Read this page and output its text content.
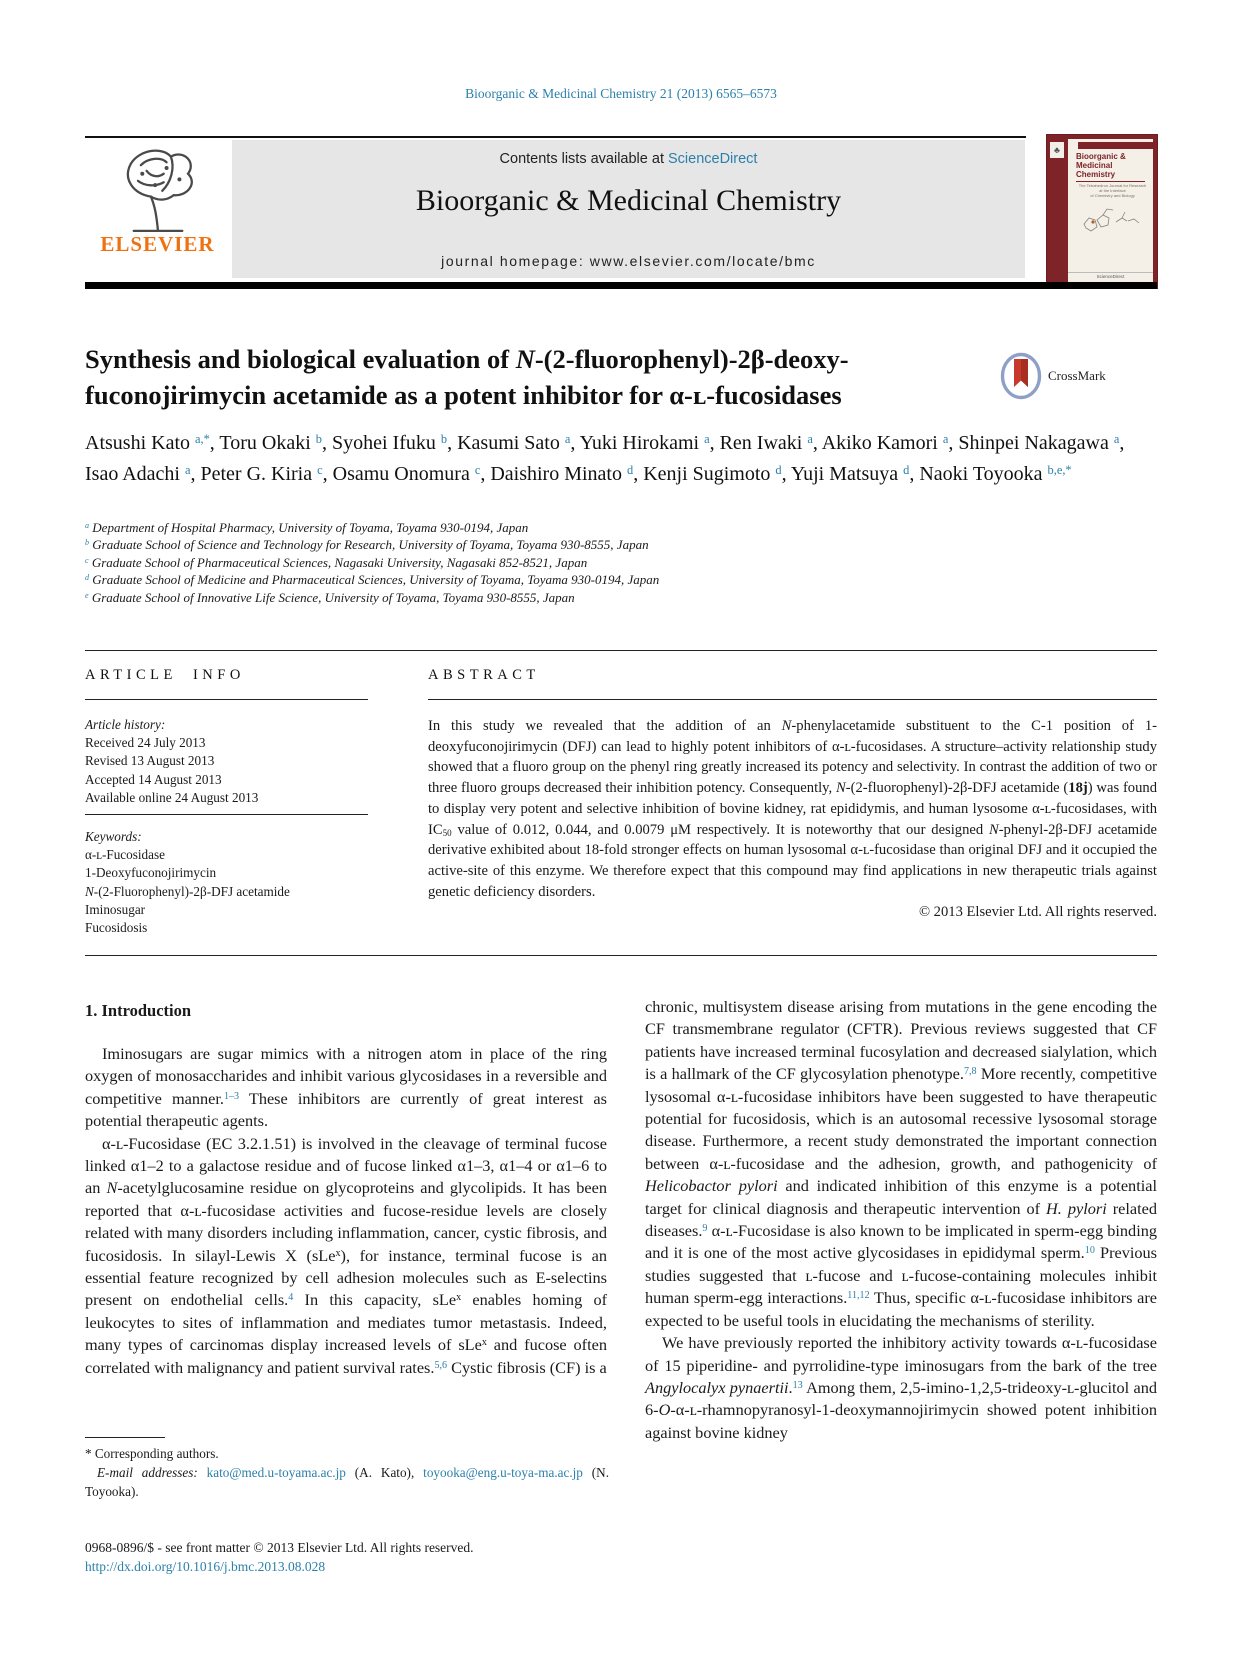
Bioorganic & Medicinal Chemistry 21 (2013) 6565–6573
ELSEVIER
Contents lists available at ScienceDirect
Bioorganic & Medicinal Chemistry
journal homepage: www.elsevier.com/locate/bmc
♣
Bioorganic & Medicinal
Chemistry
The Tetrahedron Journal for Research at the Interface
of Chemistry and Biology
ScienceDirect
Synthesis and biological evaluation of N-(2-fluorophenyl)-2β-deoxy-
fuconojirimycin acetamide as a potent inhibitor for α-ʟ-fucosidases
CrossMark
Atsushi Kato $^{a,*}$, Toru Okaki $^b$, Syohei Ifuku $^b$, Kasumi Sato $^a$, Yuki Hirokami $^a$, Ren Iwaki $^a$, Akiko Kamori $^a$, Shinpei Nakagawa $^a$, Isao Adachi $^a$, Peter G. Kiria $^c$, Osamu Onomura $^c$, Daishiro Minato $^d$, Kenji Sugimoto $^d$, Yuji Matsuya $^d$, Naoki Toyooka $^{b,e,*}$
$^a$ Department of Hospital Pharmacy, University of Toyama, Toyama 930-0194, Japan
$^b$ Graduate School of Science and Technology for Research, University of Toyama, Toyama 930-8555, Japan
$^c$ Graduate School of Pharmaceutical Sciences, Nagasaki University, Nagasaki 852-8521, Japan
$^d$ Graduate School of Medicine and Pharmaceutical Sciences, University of Toyama, Toyama 930-0194, Japan
$^e$ Graduate School of Innovative Life Science, University of Toyama, Toyama 930-8555, Japan
ARTICLE INFO	ABSTRACT
Article history:
Received 24 July 2013
Revised 13 August 2013
Accepted 14 August 2013
Available online 24 August 2013
Keywords:
α-ʟ-Fucosidase
1-Deoxyfuconojirimycin
N-(2-Fluorophenyl)-2β-DFJ acetamide
Iminosugar
Fucosidosis

In this study we revealed that the addition of an N-phenylacetamide substituent to the C-1 position of 1-deoxyfuconojirimycin (DFJ) can lead to highly potent inhibitors of α-ʟ-fucosidases. A structure–activity relationship study showed that a fluoro group on the phenyl ring greatly increased its potency and selectivity. In contrast the addition of two or three fluoro groups decreased their inhibition potency. Consequently, N-(2-fluorophenyl)-2β-DFJ acetamide (18j) was found to display very potent and selective inhibition of bovine kidney, rat epididymis, and human lysosome α-ʟ-fucosidases, with $IC_{50}$ value of 0.012, 0.044, and 0.0079 μM respectively. It is noteworthy that our designed N-phenyl-2β-DFJ acetamide derivative exhibited about 18-fold stronger effects on human lysosomal α-ʟ-fucosidase than original DFJ and it occupied the active-site of this enzyme. We therefore expect that this compound may find applications in new therapeutic trials against genetic deficiency disorders.

© 2013 Elsevier Ltd. All rights reserved.

1. Introduction

Iminosugars are sugar mimics with a nitrogen atom in place of the ring oxygen of monosaccharides and inhibit various glycosidases in a reversible and competitive manner.$^{1-3}$ These inhibitors are currently of great interest as potential therapeutic agents.

α-ʟ-Fucosidase (EC 3.2.1.51) is involved in the cleavage of terminal fucose linked α1–2 to a galactose residue and of fucose linked α1–3, α1–4 or α1–6 to an N-acetylglucosamine residue on glycoproteins and glycolipids. It has been reported that α-ʟ-fucosidase activities and fucose-residue levels are closely related with many disorders including inflammation, cancer, cystic fibrosis, and fucosidosis. In silayl-Lewis X (sLe$^x$), for instance, terminal fucose is an essential feature recognized by cell adhesion molecules such as E-selectins present on endothelial cells.$^4$ In this capacity, sLe$^x$ enables homing of leukocytes to sites of inflammation and mediates tumor metastasis. Indeed, many types of carcinomas display increased levels of sLe$^x$ and fucose often correlated with malignancy and patient survival rates.$^{5,6}$ Cystic fibrosis (CF) is a

chronic, multisystem disease arising from mutations in the gene encoding the CF transmembrane regulator (CFTR). Previous reviews suggested that CF patients have increased terminal fucosylation and decreased sialylation, which is a hallmark of the CF glycosylation phenotype.$^{7,8}$ More recently, competitive lysosomal α-ʟ-fucosidase inhibitors have been suggested to have therapeutic potential for fucosidosis, which is an autosomal recessive lysosomal storage disease. Furthermore, a recent study demonstrated the important connection between α-ʟ-fucosidase and the adhesion, growth, and pathogenicity of Helicobactor pylori and indicated inhibition of this enzyme is a potential target for clinical diagnosis and therapeutic intervention of H. pylori related diseases.$^9$ α-ʟ-Fucosidase is also known to be implicated in sperm-egg binding and it is one of the most active glycosidases in epididymal sperm.$^{10}$ Previous studies suggested that ʟ-fucose and ʟ-fucose-containing molecules inhibit human sperm-egg interactions.$^{11,12}$ Thus, specific α-ʟ-fucosidase inhibitors are expected to be useful tools in elucidating the mechanisms of sterility.

We have previously reported the inhibitory activity towards α-ʟ-fucosidase of 15 piperidine- and pyrrolidine-type iminosugars from the bark of the tree Angylocalyx pynaertii.$^{13}$ Among them, 2,5-imino-1,2,5-trideoxy-ʟ-glucitol and 6-O-α-ʟ-rhamnopyranosyl-1-deoxymannojirimycin showed potent inhibition against bovine kidney

* Corresponding authors.
E-mail addresses: kato@med.u-toyama.ac.jp (A. Kato), toyooka@eng.u-toya-ma.ac.jp (N. Toyooka).
0968-0896/$ - see front matter © 2013 Elsevier Ltd. All rights reserved.
http://dx.doi.org/10.1016/j.bmc.2013.08.028
